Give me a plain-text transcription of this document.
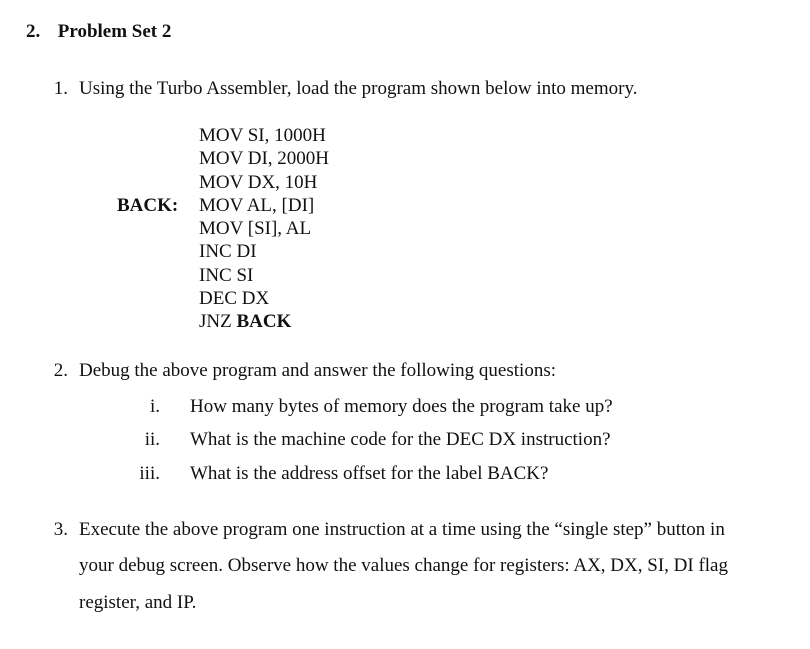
2. Problem Set 2
1. Using the Turbo Assembler, load the program shown below into memory.
MOV SI, 1000H
MOV DI, 2000H
MOV DX, 10H
MOV AL, [DI]
MOV [SI], AL
INC DI
INC SI
DEC DX
JNZ BACK
BACK:
2. Debug the above program and answer the following questions:
i. How many bytes of memory does the program take up?
ii. What is the machine code for the DEC DX instruction?
iii. What is the address offset for the label BACK?
3. Execute the above program one instruction at a time using the “single step” button in
your debug screen. Observe how the values change for registers: AX, DX, SI, DI flag
register, and IP.
